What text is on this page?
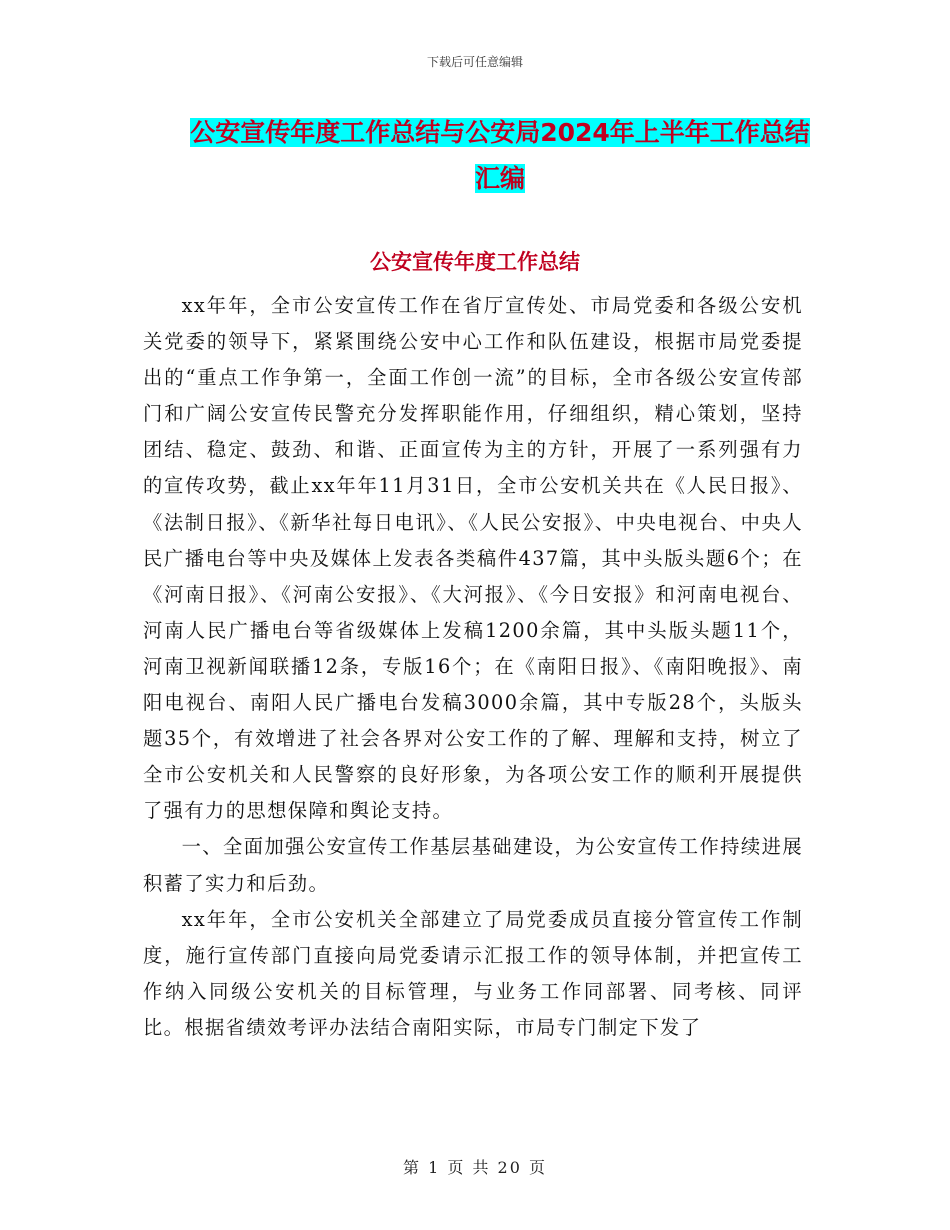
下载后可任意编辑
公安宣传年度工作总结与公安局2024年上半年工作总结汇编
公安宣传年度工作总结

xx年年，全市公安宣传工作在省厅宣传处、市局党委和各级公安机关党委的领导下，紧紧围绕公安中心工作和队伍建设，根据市局党委提出的“重点工作争第一，全面工作创一流”的目标，全市各级公安宣传部门和广阔公安宣传民警充分发挥职能作用，仔细组织，精心策划，坚持团结、稳定、鼓劲、和谐、正面宣传为主的方针，开展了一系列强有力的宣传攻势，截止xx年年11月31日，全市公安机关共在《人民日报》、《法制日报》、《新华社每日电讯》、《人民公安报》、中央电视台、中央人民广播电台等中央及媒体上发表各类稿件437篇，其中头版头题6个；在《河南日报》、《河南公安报》、《大河报》、《今日安报》和河南电视台、河南人民广播电台等省级媒体上发稿1200余篇，其中头版头题11个，河南卫视新闻联播12条，专版16个；在《南阳日报》、《南阳晚报》、南阳电视台、南阳人民广播电台发稿3000余篇，其中专版28个，头版头题35个，有效增进了社会各界对公安工作的了解、理解和支持，树立了全市公安机关和人民警察的良好形象，为各项公安工作的顺利开展提供了强有力的思想保障和舆论支持。

一、全面加强公安宣传工作基层基础建设，为公安宣传工作持续进展积蓄了实力和后劲。

xx年年，全市公安机关全部建立了局党委成员直接分管宣传工作制度，施行宣传部门直接向局党委请示汇报工作的领导体制，并把宣传工作纳入同级公安机关的目标管理，与业务工作同部署、同考核、同评比。根据省绩效考评办法结合南阳实际，市局专门制定下发了

第 1 页 共 20 页
